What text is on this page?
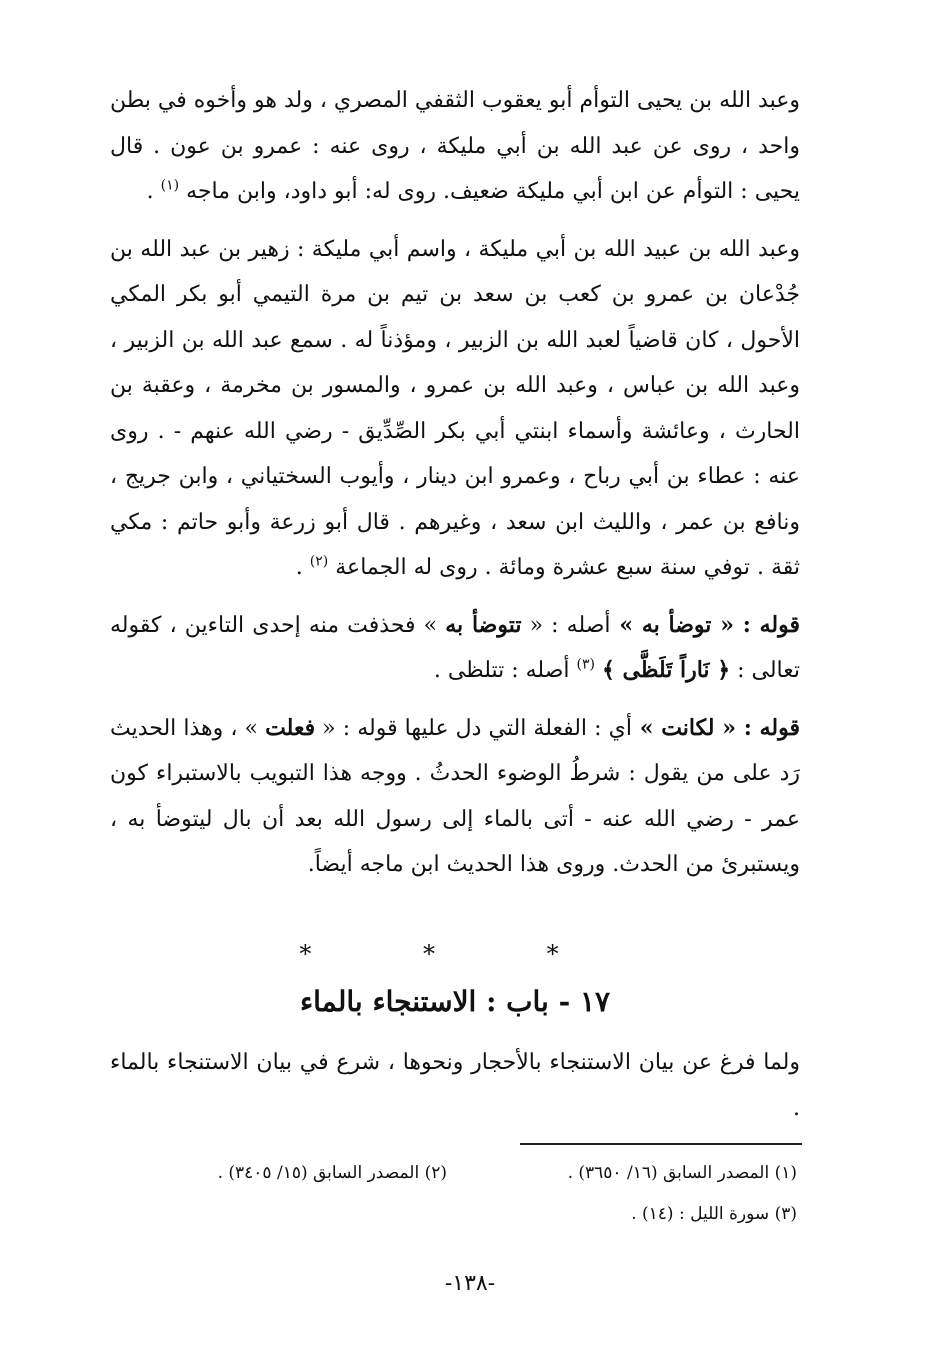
وعبد الله بن يحيى التوأم أبو يعقوب الثقفي المصري ، ولد هو وأخوه في بطن واحد ، روى عن عبد الله بن أبي مليكة ، روى عنه : عمرو بن عون . قال يحيى : التوأم عن ابن أبي مليكة ضعيف. روى له: أبو داود، وابن ماجه $^{(١)}$ .

وعبد الله بن عبيد الله بن أبي مليكة ، واسم أبي مليكة : زهير بن عبد الله بن جُدْعان بن عمرو بن كعب بن سعد بن تيم بن مرة التيمي أبو بكر المكي الأحول ، كان قاضياً لعبد الله بن الزبير ، ومؤذناً له . سمع عبد الله بن الزبير ، وعبد الله بن عباس ، وعبد الله بن عمرو ، والمسور بن مخرمة ، وعقبة بن الحارث ، وعائشة وأسماء ابنتي أبي بكر الصِّدِّيق - رضي الله عنهم - . روى عنه : عطاء بن أبي رباح ، وعمرو ابن دينار ، وأيوب السختياني ، وابن جريج ، ونافع بن عمر ، والليث ابن سعد ، وغيرهم . قال أبو زرعة وأبو حاتم : مكي ثقة . توفي سنة سبع عشرة ومائة . روى له الجماعة $^{(٢)}$ .

قوله : « توضأ به » أصله : « تتوضأ به » فحذفت منه إحدى التاءين ، كقوله تعالى : ﴿ نَاراً تَلَظَّى ﴾ $^{(٣)}$ أصله : تتلظى .

قوله : « لكانت » أي : الفعلة التي دل عليها قوله : « فعلت » ، وهذا الحديث رَد على من يقول : شرطُ الوضوء الحدثُ . ووجه هذا التبويب بالاستبراء كون عمر - رضي الله عنه - أتى بالماء إلى رسول الله بعد أن بال ليتوضأ به ، ويستبرئ من الحدث. وروى هذا الحديث ابن ماجه أيضاً.

* * *
١٧ - باب : الاستنجاء بالماء

ولما فرغ عن بيان الاستنجاء بالأحجار ونحوها ، شرع في بيان الاستنجاء بالماء .

(١) المصدر السابق (١٦/ ٣٦٥٠) .
(٢) المصدر السابق (١٥/ ٣٤٠٥) .
(٣) سورة الليل : (١٤) .
-١٣٨-
